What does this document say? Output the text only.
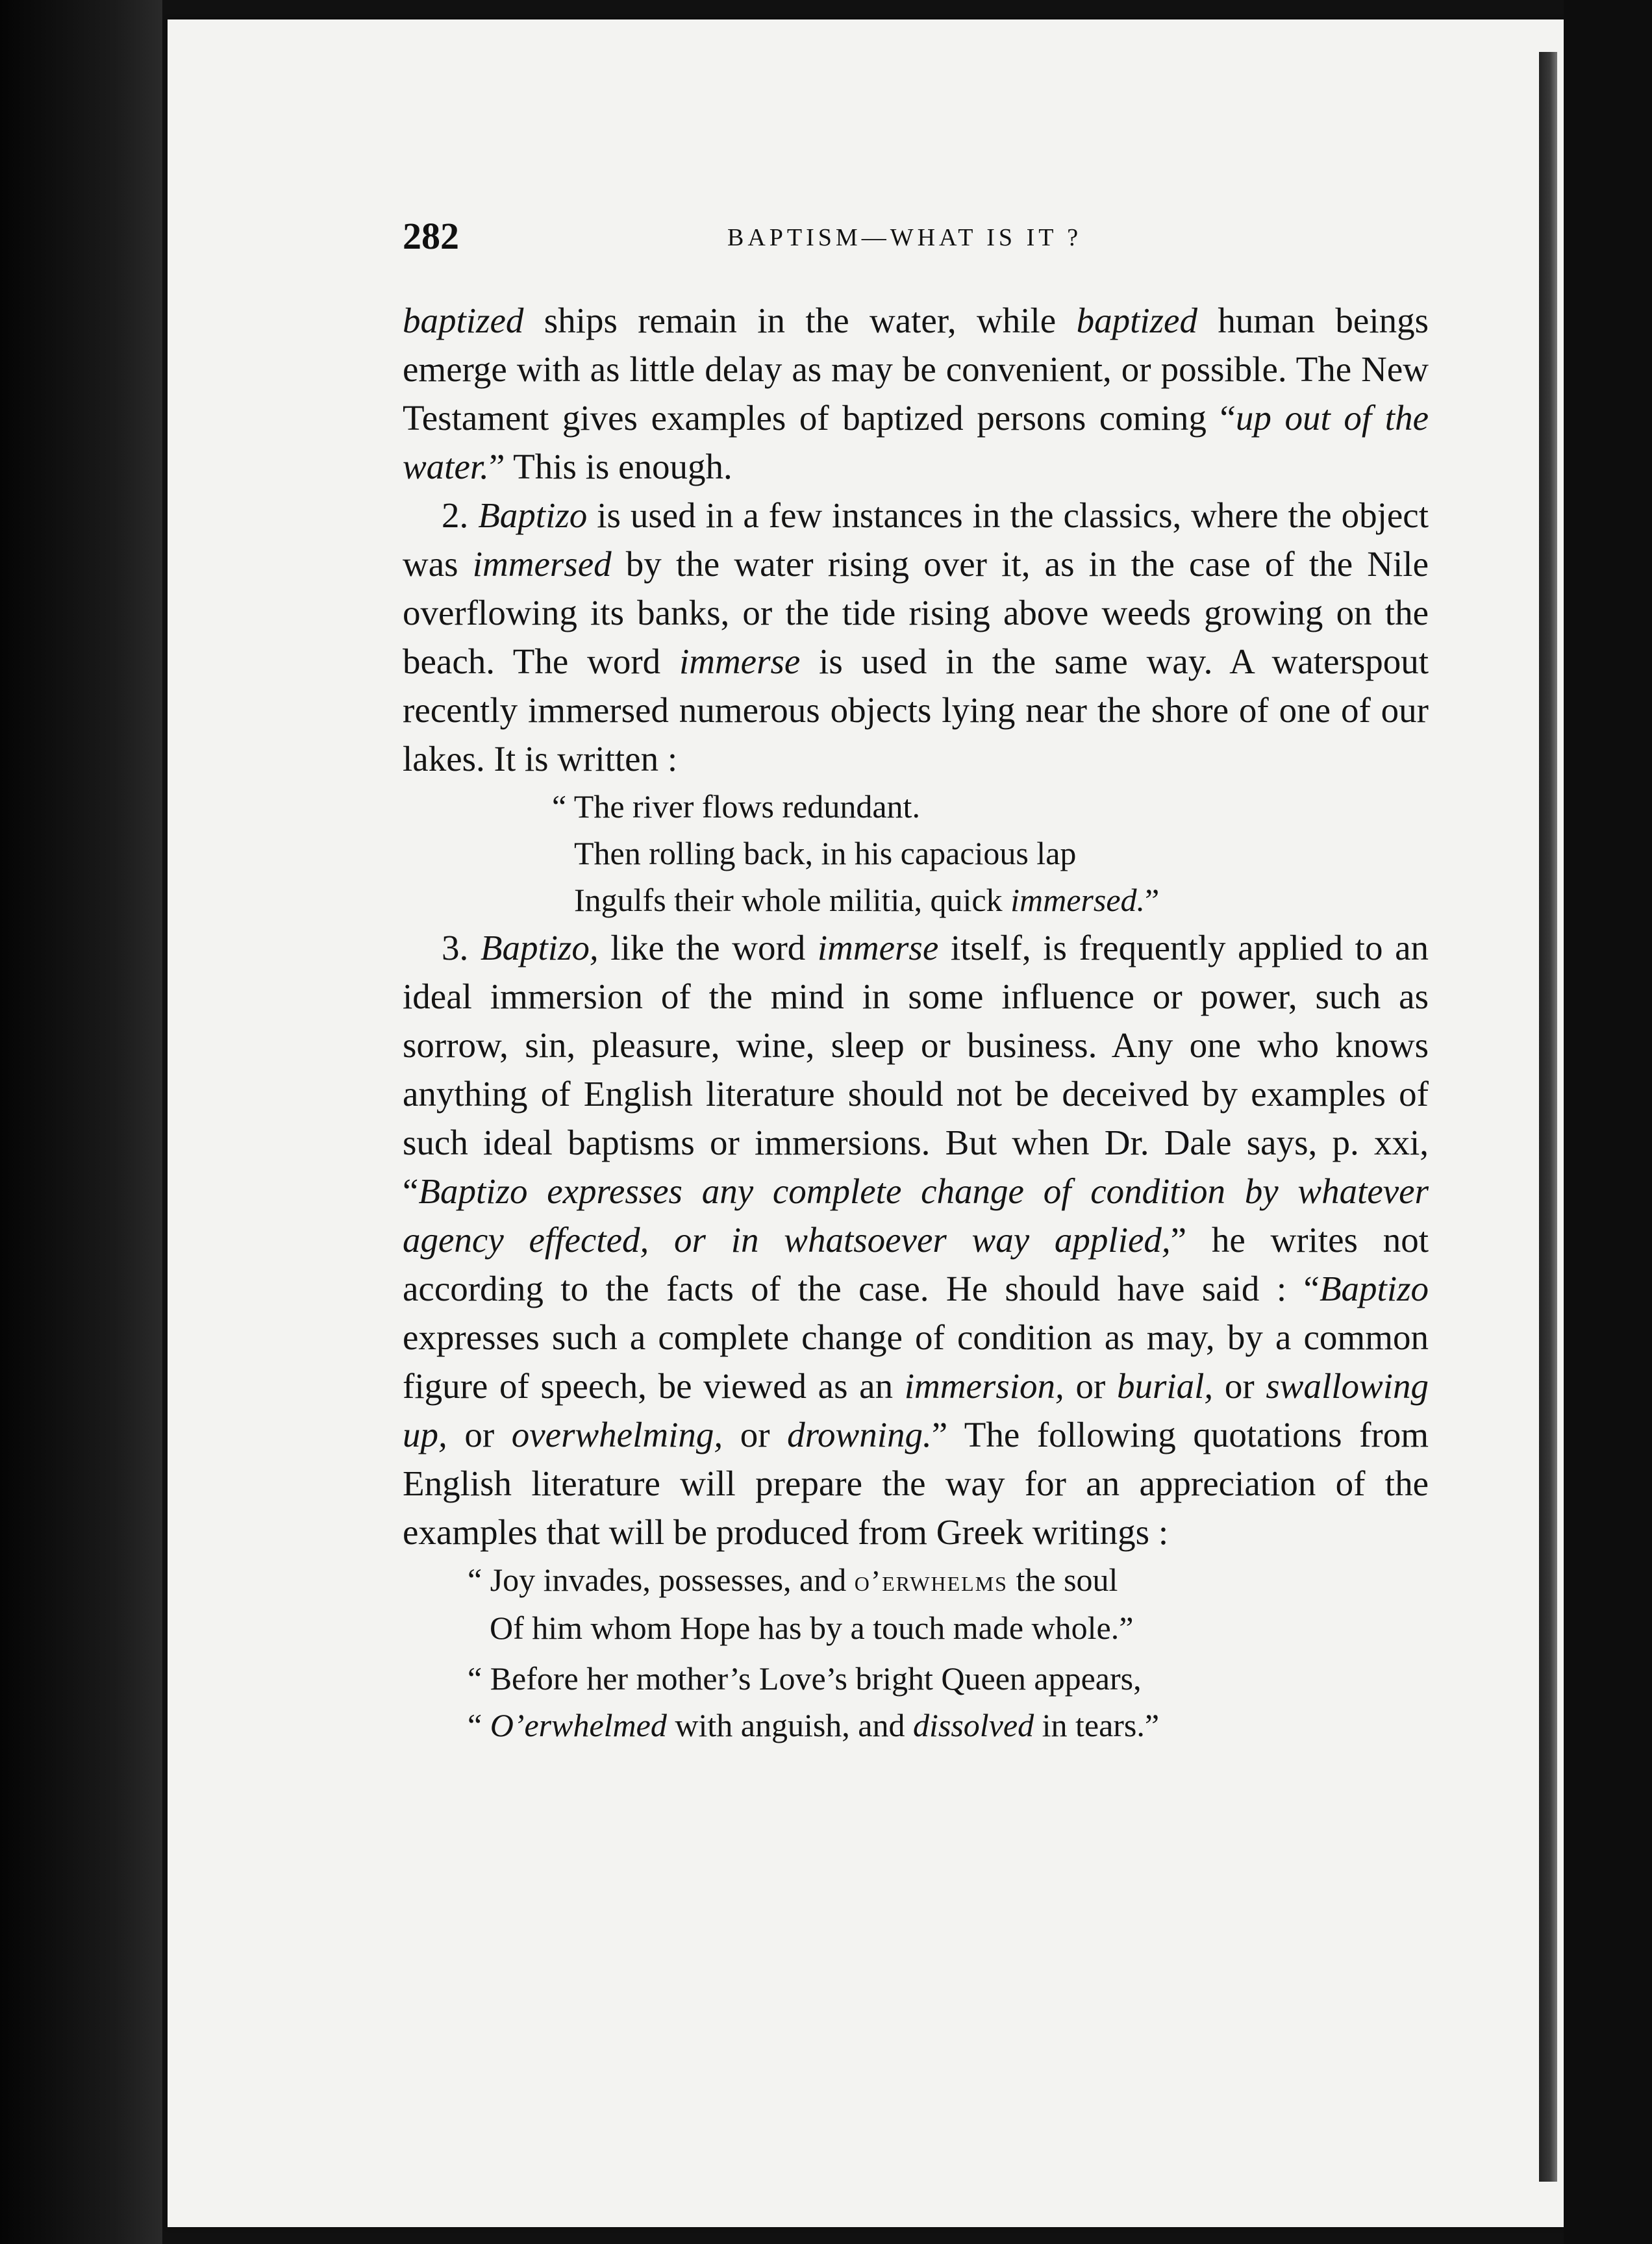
282	BAPTISM—WHAT IS IT ?

baptized ships remain in the water, while baptized human beings emerge with as little delay as may be convenient, or possible. The New Testament gives examples of baptized persons coming “up out of the water.” This is enough.

2. Baptizo is used in a few instances in the classics, where the object was immersed by the water rising over it, as in the case of the Nile overflowing its banks, or the tide rising above weeds growing on the beach. The word immerse is used in the same way. A waterspout recently immersed numerous objects lying near the shore of one of our lakes. It is written :

“ The river flows redundant.
Then rolling back, in his capacious lap
Ingulfs their whole militia, quick immersed.”

3. Baptizo, like the word immerse itself, is frequently applied to an ideal immersion of the mind in some influence or power, such as sorrow, sin, pleasure, wine, sleep or business. Any one who knows anything of English literature should not be deceived by examples of such ideal baptisms or immersions. But when Dr. Dale says, p. xxi, “Baptizo expresses any complete change of condition by whatever agency effected, or in whatsoever way applied,” he writes not according to the facts of the case. He should have said : “Baptizo expresses such a complete change of condition as may, by a common figure of speech, be viewed as an immersion, or burial, or swallowing up, or overwhelming, or drowning.” The following quotations from English literature will prepare the way for an appreciation of the examples that will be produced from Greek writings :

“ Joy invades, possesses, and o’erwhelms the soul
Of him whom Hope has by a touch made whole.”

“ Before her mother’s Love’s bright Queen appears,
“ O’erwhelmed with anguish, and dissolved in tears.”
